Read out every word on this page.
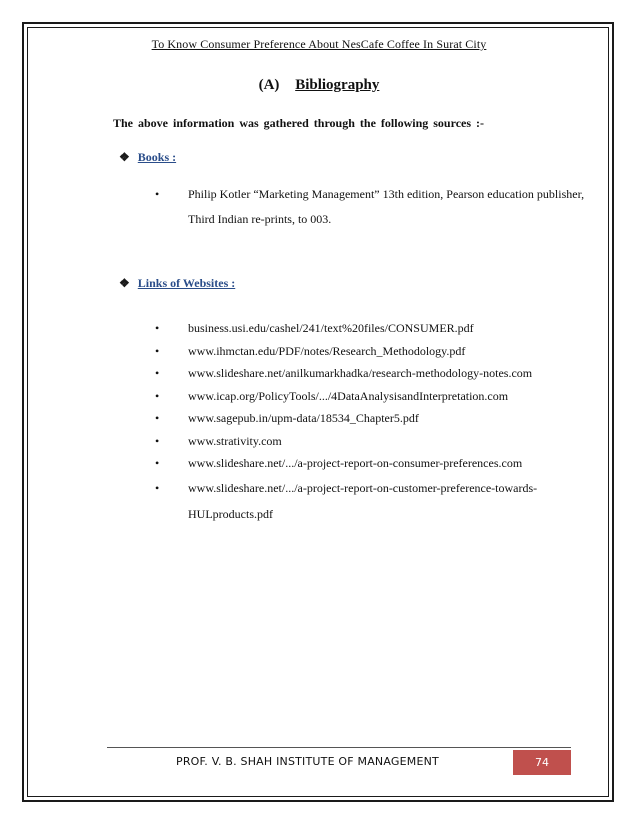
To Know Consumer Preference About NesCafe Coffee In Surat City
(A) Bibliography
The above information was gathered through the following sources :-
❖ Books :
• Philip Kotler “Marketing Management” 13th edition, Pearson education publisher, Third Indian re-prints, to 003.
❖ Links of Websites :
• business.usi.edu/cashel/241/text%20files/CONSUMER.pdf
• www.ihmctan.edu/PDF/notes/Research_Methodology.pdf
• www.slideshare.net/anilkumarkhadka/research-methodology-notes.com
• www.icap.org/PolicyTools/.../4DataAnalysisandInterpretation.com
• www.sagepub.in/upm-data/18534_Chapter5.pdf
• www.strativity.com
• www.slideshare.net/.../a-project-report-on-consumer-preferences.com
• www.slideshare.net/.../a-project-report-on-customer-preference-towards-HULproducts.pdf
PROF. V. B. SHAH INSTITUTE OF MANAGEMENT	74
